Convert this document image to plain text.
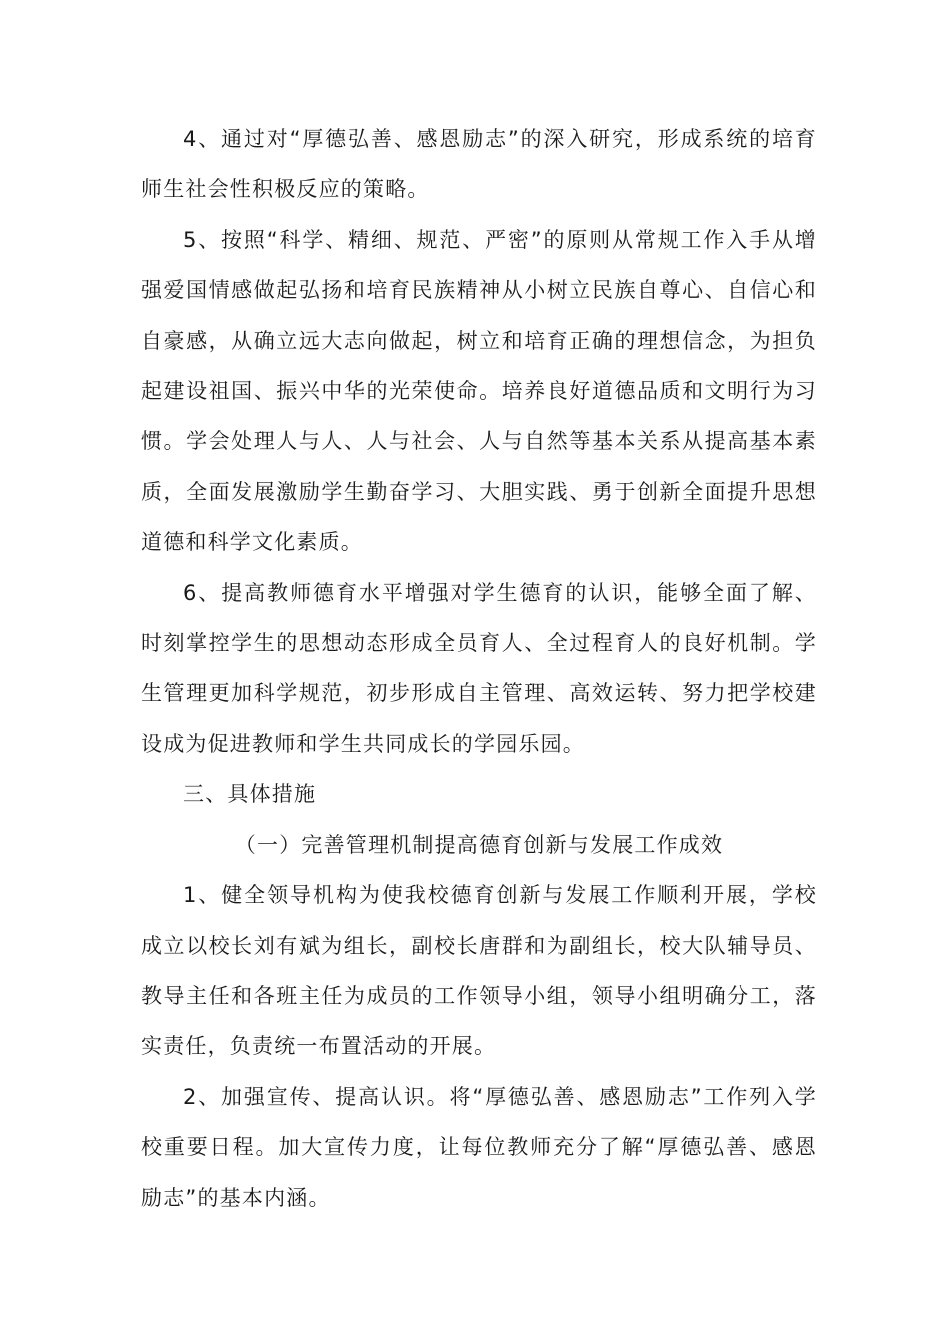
4、通过对“厚德弘善、感恩励志”的深入研究，形成系统的培育师生社会性积极反应的策略。

5、按照“科学、精细、规范、严密”的原则从常规工作入手从增强爱国情感做起弘扬和培育民族精神从小树立民族自尊心、自信心和自豪感，从确立远大志向做起，树立和培育正确的理想信念，为担负起建设祖国、振兴中华的光荣使命。培养良好道德品质和文明行为习惯。学会处理人与人、人与社会、人与自然等基本关系从提高基本素质，全面发展激励学生勤奋学习、大胆实践、勇于创新全面提升思想道德和科学文化素质。

6、提高教师德育水平增强对学生德育的认识，能够全面了解、时刻掌控学生的思想动态形成全员育人、全过程育人的良好机制。学生管理更加科学规范，初步形成自主管理、高效运转、努力把学校建设成为促进教师和学生共同成长的学园乐园。

三、具体措施

（一）完善管理机制提高德育创新与发展工作成效

1、健全领导机构为使我校德育创新与发展工作顺利开展，学校成立以校长刘有斌为组长，副校长唐群和为副组长，校大队辅导员、教导主任和各班主任为成员的工作领导小组，领导小组明确分工，落实责任，负责统一布置活动的开展。

2、加强宣传、提高认识。将“厚德弘善、感恩励志”工作列入学校重要日程。加大宣传力度，让每位教师充分了解“厚德弘善、感恩励志”的基本内涵。
